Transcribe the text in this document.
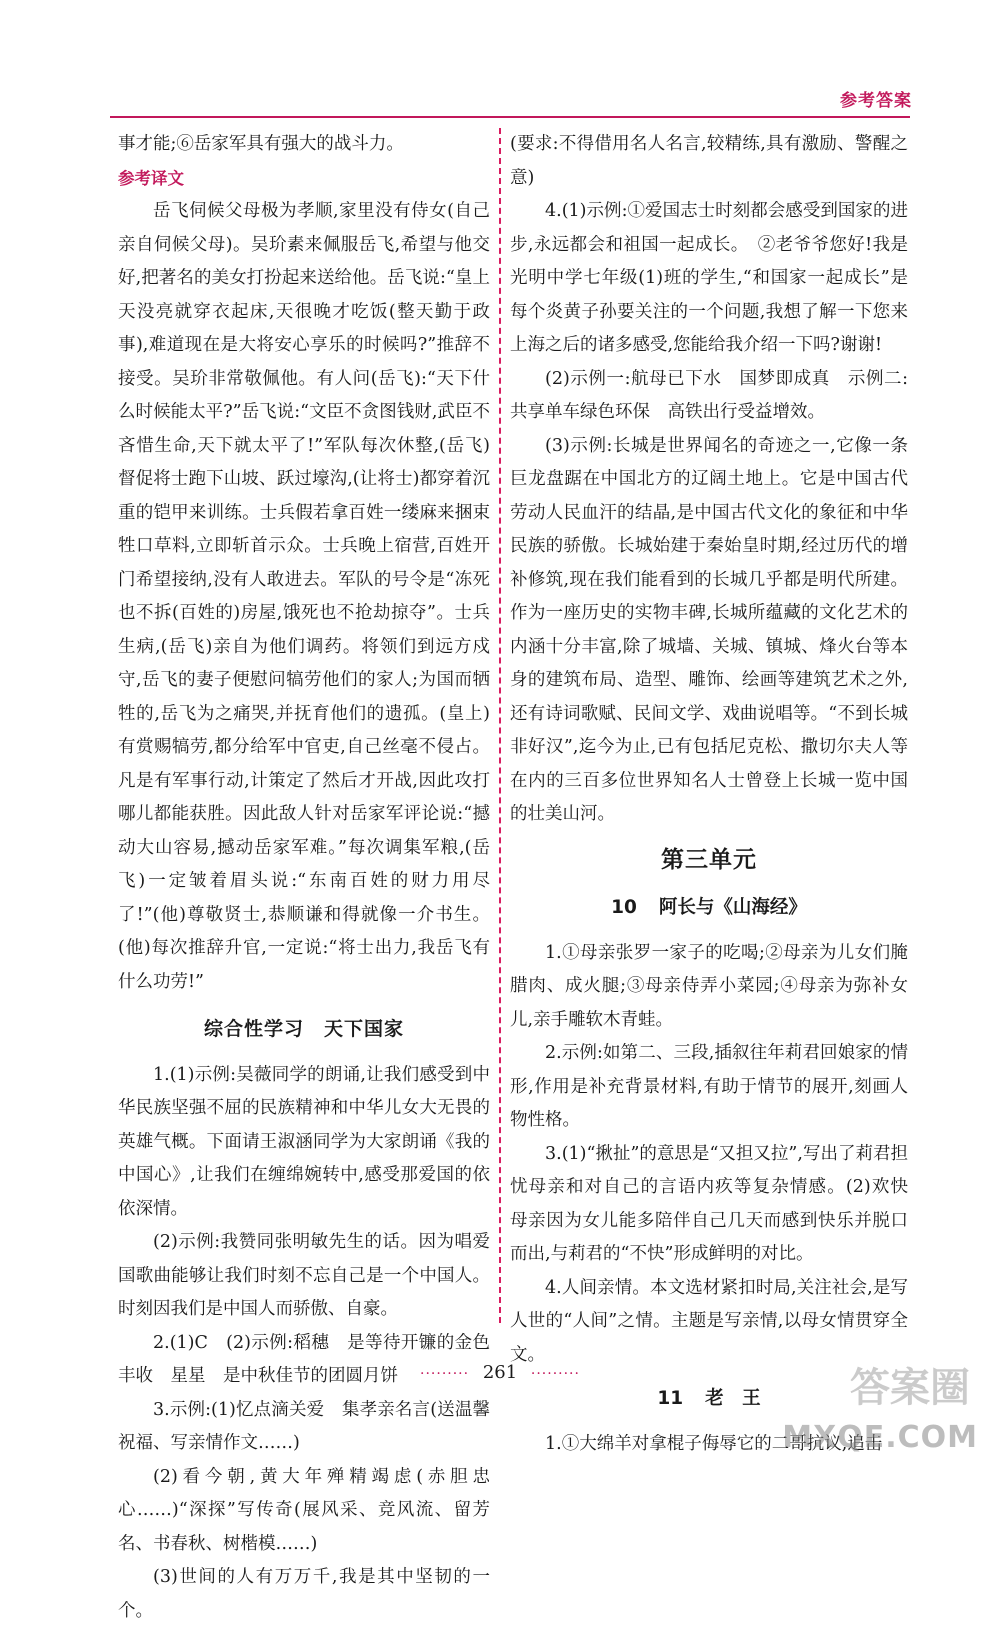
参考答案
事才能;⑥岳家军具有强大的战斗力。
参考译文
岳飞伺候父母极为孝顺,家里没有侍女(自己亲自伺候父母)。吴玠素来佩服岳飞,希望与他交好,把著名的美女打扮起来送给他。岳飞说:“皇上天没亮就穿衣起床,天很晚才吃饭(整天勤于政事),难道现在是大将安心享乐的时候吗?”推辞不接受。吴玠非常敬佩他。有人问(岳飞):“天下什么时候能太平?”岳飞说:“文臣不贪图钱财,武臣不吝惜生命,天下就太平了!”军队每次休整,(岳飞)督促将士跑下山坡、跃过壕沟,(让将士)都穿着沉重的铠甲来训练。士兵假若拿百姓一缕麻来捆束牲口草料,立即斩首示众。士兵晚上宿营,百姓开门希望接纳,没有人敢进去。军队的号令是“冻死也不拆(百姓的)房屋,饿死也不抢劫掠夺”。士兵生病,(岳飞)亲自为他们调药。将领们到远方戍守,岳飞的妻子便慰问犒劳他们的家人;为国而牺牲的,岳飞为之痛哭,并抚育他们的遗孤。(皇上)有赏赐犒劳,都分给军中官吏,自己丝毫不侵占。凡是有军事行动,计策定了然后才开战,因此攻打哪儿都能获胜。因此敌人针对岳家军评论说:“撼动大山容易,撼动岳家军难。”每次调集军粮,(岳飞)一定皱着眉头说:“东南百姓的财力用尽了!”(他)尊敬贤士,恭顺谦和得就像一介书生。(他)每次推辞升官,一定说:“将士出力,我岳飞有什么功劳!”
综合性学习　天下国家
1.(1)示例:吴薇同学的朗诵,让我们感受到中华民族坚强不屈的民族精神和中华儿女大无畏的英雄气概。下面请王淑涵同学为大家朗诵《我的中国心》,让我们在缠绵婉转中,感受那爱国的依依深情。
(2)示例:我赞同张明敏先生的话。因为唱爱国歌曲能够让我们时刻不忘自己是一个中国人。时刻因我们是中国人而骄傲、自豪。
2.(1)C　(2)示例:稻穗　是等待开镰的金色丰收　星星　是中秋佳节的团圆月饼
3.示例:(1)忆点滴关爱　集孝亲名言(送温馨祝福、写亲情作文……)
(2)看今朝,黄大年殚精竭虑(赤胆忠心……)“深探”写传奇(展风采、竞风流、留芳名、书春秋、树楷模……)
(3)世间的人有万万千,我是其中坚韧的一个。
(要求:不得借用名人名言,较精练,具有激励、警醒之意)
4.(1)示例:①爱国志士时刻都会感受到国家的进步,永远都会和祖国一起成长。　②老爷爷您好!我是光明中学七年级(1)班的学生,“和国家一起成长”是每个炎黄子孙要关注的一个问题,我想了解一下您来上海之后的诸多感受,您能给我介绍一下吗?谢谢!
(2)示例一:航母已下水　国梦即成真　示例二:共享单车绿色环保　高铁出行受益增效。
(3)示例:长城是世界闻名的奇迹之一,它像一条巨龙盘踞在中国北方的辽阔土地上。它是中国古代劳动人民血汗的结晶,是中国古代文化的象征和中华民族的骄傲。长城始建于秦始皇时期,经过历代的增补修筑,现在我们能看到的长城几乎都是明代所建。作为一座历史的实物丰碑,长城所蕴藏的文化艺术的内涵十分丰富,除了城墙、关城、镇城、烽火台等本身的建筑布局、造型、雕饰、绘画等建筑艺术之外,还有诗词歌赋、民间文学、戏曲说唱等。“不到长城非好汉”,迄今为止,已有包括尼克松、撒切尔夫人等在内的三百多位世界知名人士曾登上长城一览中国的壮美山河。
第三单元
10 阿长与《山海经》
1.①母亲张罗一家子的吃喝;②母亲为儿女们腌腊肉、成火腿;③母亲侍弄小菜园;④母亲为弥补女儿,亲手雕软木青蛙。
2.示例:如第二、三段,插叙往年莉君回娘家的情形,作用是补充背景材料,有助于情节的展开,刻画人物性格。
3.(1)“揪扯”的意思是“又担又拉”,写出了莉君担忧母亲和对自己的言语内疚等复杂情感。(2)欢快　母亲因为女儿能多陪伴自己几天而感到快乐并脱口而出,与莉君的“不快”形成鲜明的对比。
4.人间亲情。本文选材紧扣时局,关注社会,是写人世的“人间”之情。主题是写亲情,以母女情贯穿全文。
11 老　王
1.①大绵羊对拿棍子侮辱它的二哥抗议,追击
········· 261 ·········	答案圈
MXQE.COM
